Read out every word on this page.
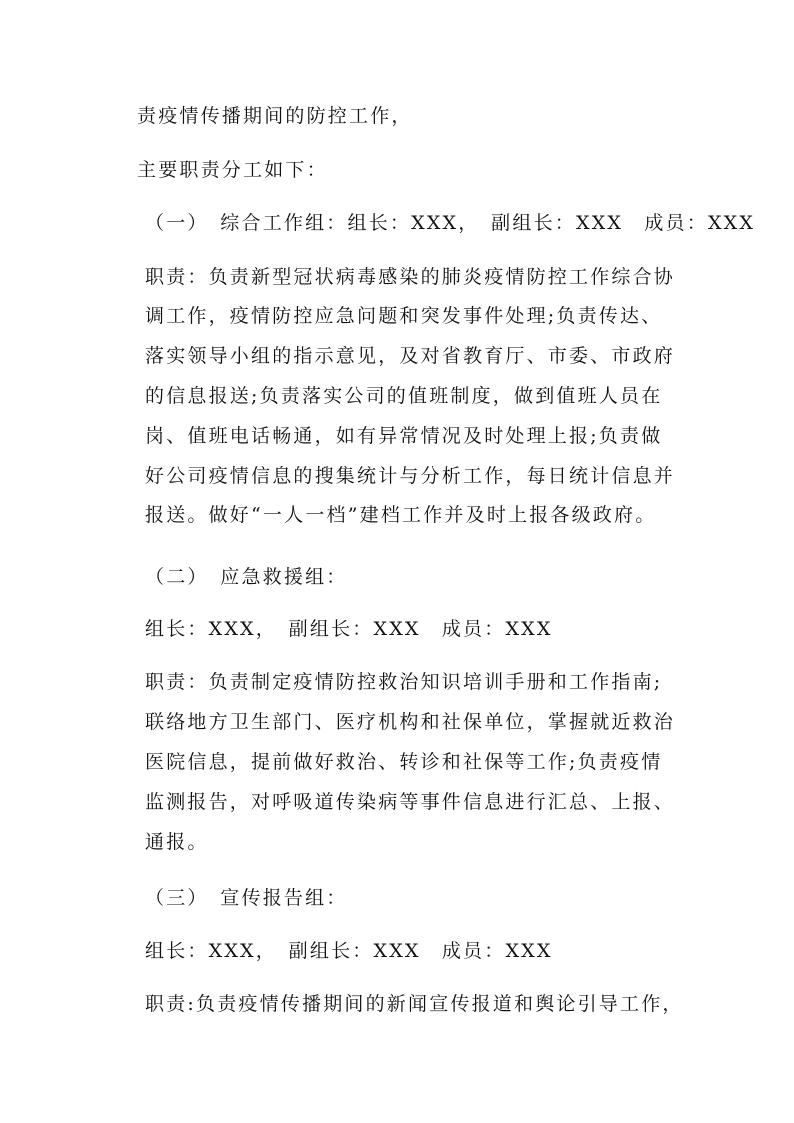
责疫情传播期间的防控工作，
主要职责分工如下：
（一）　综合工作组：组长：XXX，　副组长：XXX　成员：XXX
职责：负责新型冠状病毒感染的肺炎疫情防控工作综合协
调工作，疫情防控应急问题和突发事件处理;负责传达、
落实领导小组的指示意见，及对省教育厅、市委、市政府
的信息报送;负责落实公司的值班制度，做到值班人员在
岗、值班电话畅通，如有异常情况及时处理上报;负责做
好公司疫情信息的搜集统计与分析工作，每日统计信息并
报送。做好“一人一档”建档工作并及时上报各级政府。
（二）　应急救援组：
组长：XXX，　副组长：XXX　成员：XXX
职责：负责制定疫情防控救治知识培训手册和工作指南;
联络地方卫生部门、医疗机构和社保单位，掌握就近救治
医院信息，提前做好救治、转诊和社保等工作;负责疫情
监测报告，对呼吸道传染病等事件信息进行汇总、上报、
通报。
（三）　宣传报告组：
组长：XXX，　副组长：XXX　成员：XXX
职责:负责疫情传播期间的新闻宣传报道和舆论引导工作，
